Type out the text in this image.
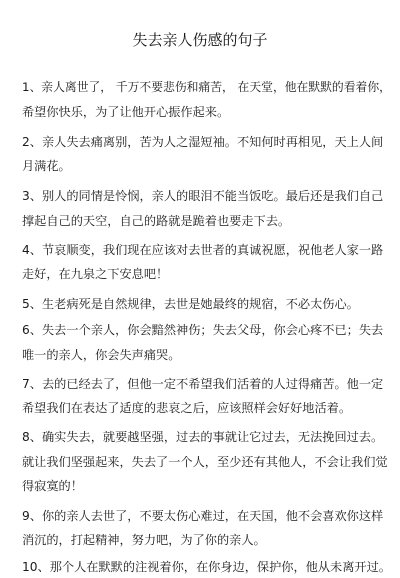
失去亲人伤感的句子
1、亲人离世了， 千万不要悲伤和痛苦， 在天堂，他在默默的看着你，
希望你快乐，为了让他开心振作起来。
2、亲人失去痛离别，苦为人之湿短袖。不知何时再相见，天上人间
月满花。
3、别人的同情是怜悯，亲人的眼泪不能当饭吃。最后还是我们自己
撑起自己的天空，自己的路就是跪着也要走下去。
4、节哀顺变，我们现在应该对去世者的真诚祝愿，祝他老人家一路
走好，在九泉之下安息吧！
5、生老病死是自然规律，去世是她最终的规宿，不必太伤心。
6、失去一个亲人，你会黯然神伤；失去父母，你会心疼不已；失去
唯一的亲人，你会失声痛哭。
7、去的已经去了，但他一定不希望我们活着的人过得痛苦。他一定
希望我们在表达了适度的悲哀之后，应该照样会好好地活着。
8、确实失去，就要越坚强，过去的事就让它过去，无法挽回过去。
就让我们坚强起来，失去了一个人，至少还有其他人，不会让我们觉
得寂寞的！
9、你的亲人去世了，不要太伤心难过，在天国，他不会喜欢你这样
消沉的，打起精神，努力吧，为了你的亲人。
10、那个人在默默的注视着你，在你身边，保护你，他从未离开过。
